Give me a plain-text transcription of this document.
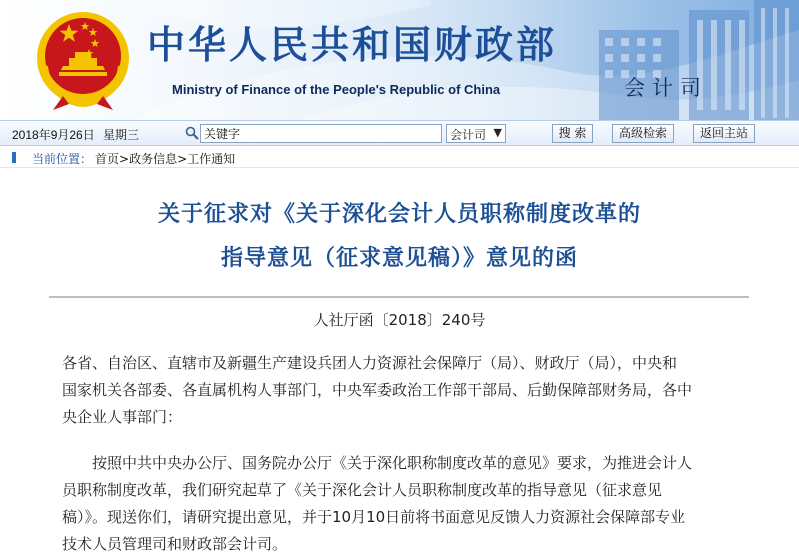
中华人民共和国财政部
Ministry of Finance of the People's Republic of China	会计司
2018年9月26日 星期三
关键字	会计司 ▼	搜 索	高级检索	返回主站
当前位置： 首页>政务信息>工作通知
关于征求对《关于深化会计人员职称制度改革的
指导意见（征求意见稿）》意见的函
人社厅函〔2018〕240号
各省、自治区、直辖市及新疆生产建设兵团人力资源社会保障厅（局）、财政厅（局），中央和
国家机关各部委、各直属机构人事部门，中央军委政治工作部干部局、后勤保障部财务局，各中
央企业人事部门：
按照中共中央办公厅、国务院办公厅《关于深化职称制度改革的意见》要求，为推进会计人
员职称制度改革，我们研究起草了《关于深化会计人员职称制度改革的指导意见（征求意见
稿）》。现送你们，请研究提出意见，并于10月10日前将书面意见反馈人力资源社会保障部专业
技术人员管理司和财政部会计司。
